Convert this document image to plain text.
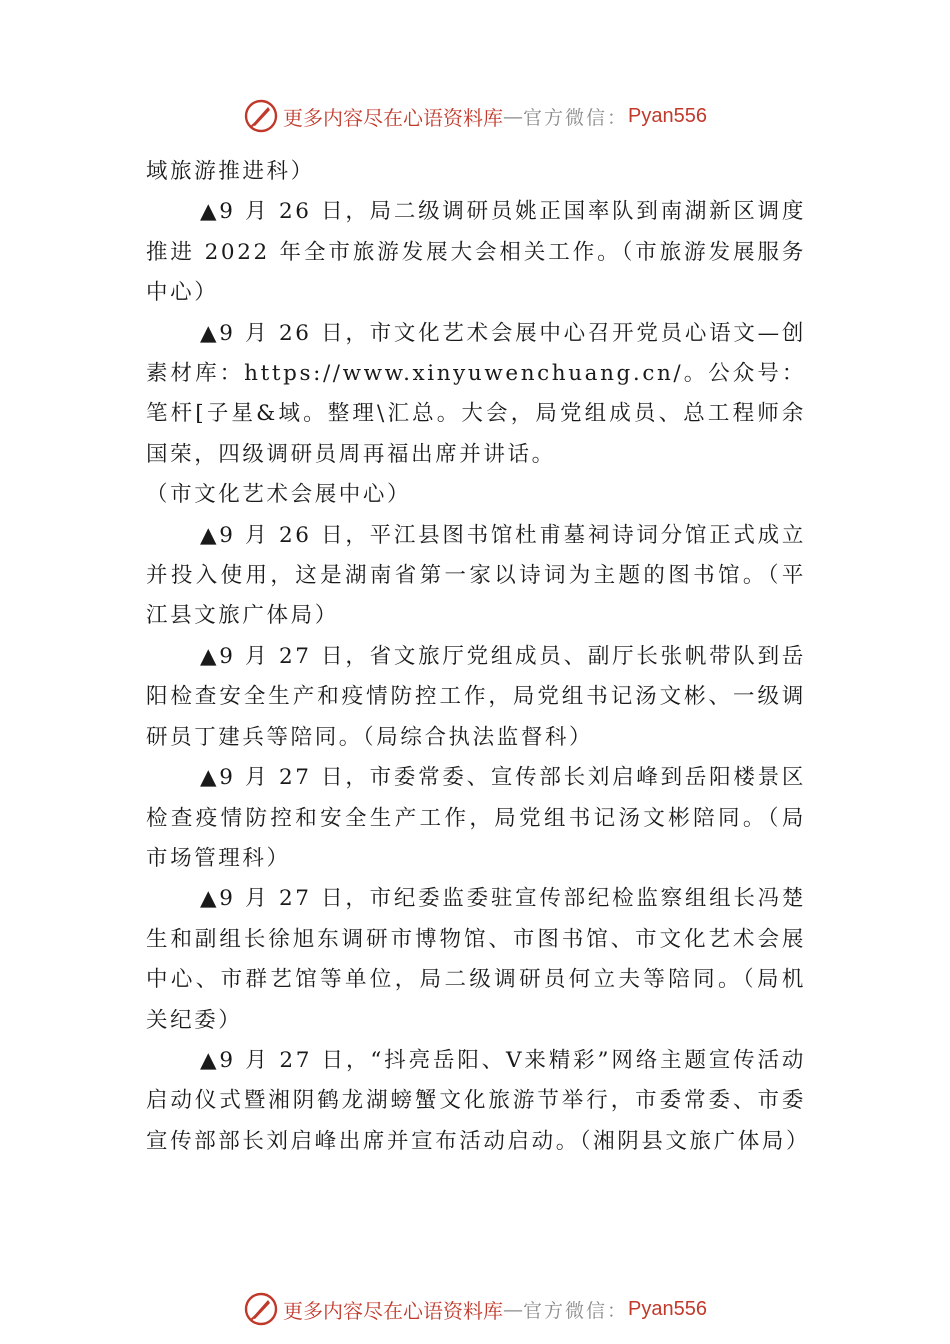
更多内容尽在心语资料库 — 官方微信： Pyan556

域旅游推进科）

▲9 月 26 日，局二级调研员姚正国率队到南湖新区调度推进 2022 年全市旅游发展大会相关工作。（市旅游发展服务中心）

▲9 月 26 日，市文化艺术会展中心召开党员心语文—创素材库：https://www.xinyuwenchuang.cn/。公众号：笔杆[子星&域。整理\汇总。大会，局党组成员、总工程师余国荣，四级调研员周再福出席并讲话。

（市文化艺术会展中心）

▲9 月 26 日，平江县图书馆杜甫墓祠诗词分馆正式成立并投入使用，这是湖南省第一家以诗词为主题的图书馆。（平江县文旅广体局）

▲9 月 27 日，省文旅厅党组成员、副厅长张帆带队到岳阳检查安全生产和疫情防控工作，局党组书记汤文彬、一级调研员丁建兵等陪同。（局综合执法监督科）

▲9 月 27 日，市委常委、宣传部长刘启峰到岳阳楼景区检查疫情防控和安全生产工作，局党组书记汤文彬陪同。（局市场管理科）

▲9 月 27 日，市纪委监委驻宣传部纪检监察组组长冯楚生和副组长徐旭东调研市博物馆、市图书馆、市文化艺术会展中心、市群艺馆等单位，局二级调研员何立夫等陪同。（局机关纪委）

▲9 月 27 日，“抖亮岳阳、V来精彩”网络主题宣传活动启动仪式暨湘阴鹤龙湖螃蟹文化旅游节举行，市委常委、市委宣传部部长刘启峰出席并宣布活动启动。（湘阴县文旅广体局）

更多内容尽在心语资料库 — 官方微信： Pyan556
